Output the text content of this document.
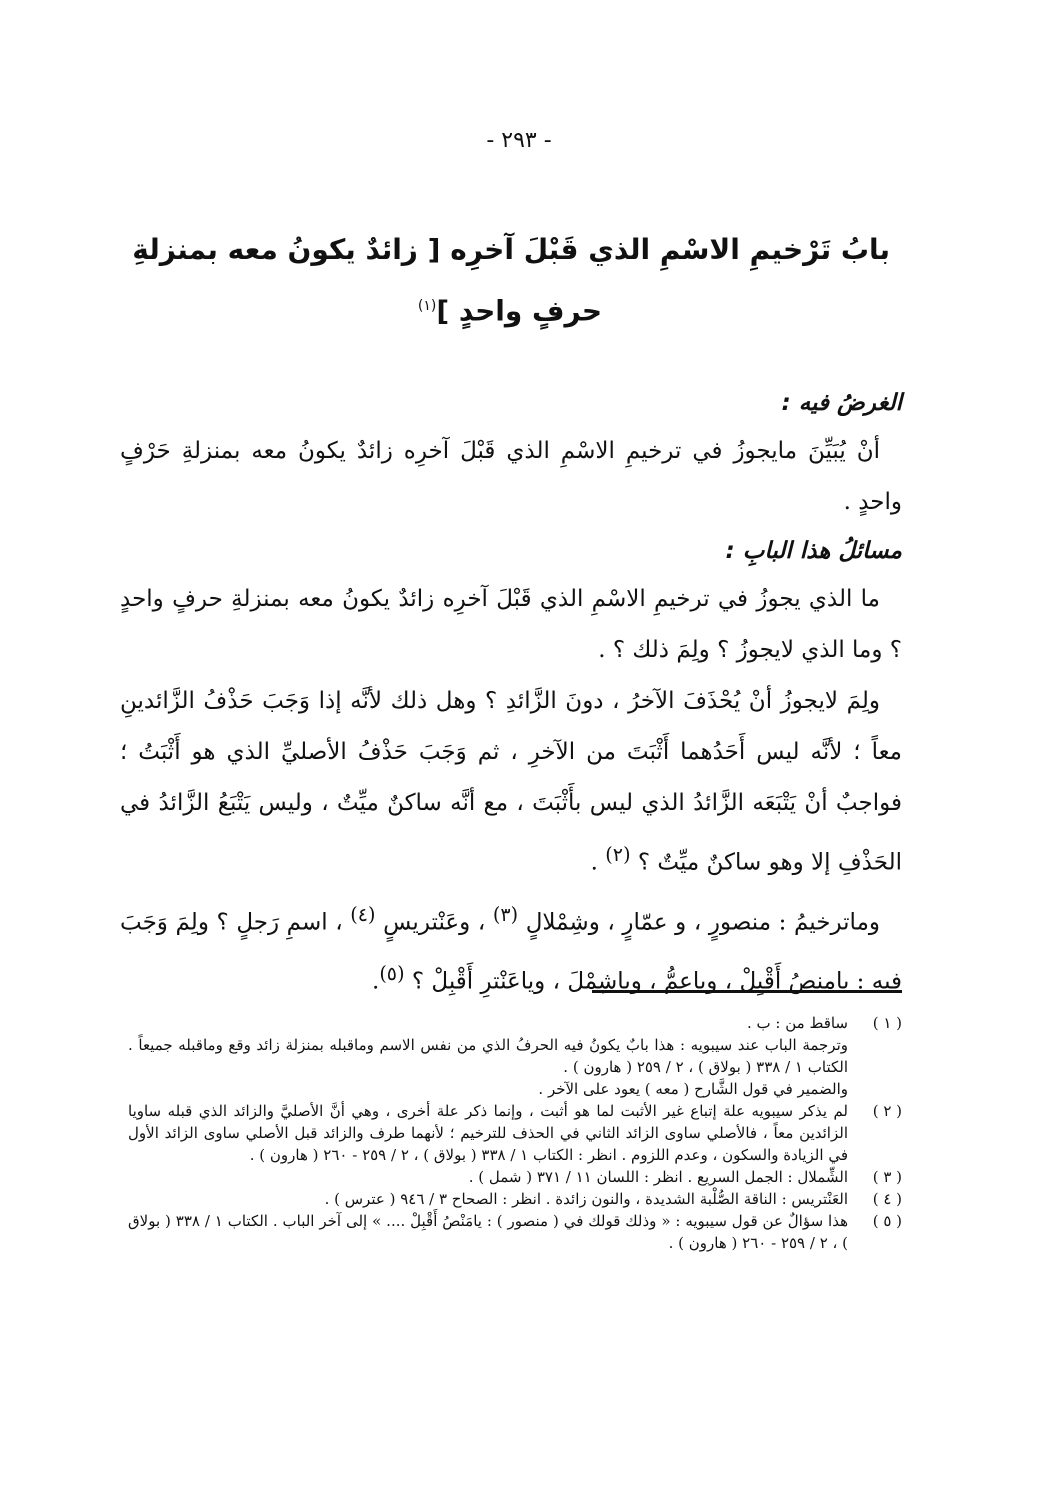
- ٢٩٣ -
بابُ تَرْخيمِ الاسْمِ الذي قَبْلَ آخرِه [ زائدٌ يكونُ معه بمنزلةِ
حرفٍ واحدٍ ]$^{(١)}$

الغرضُ فيه :

أنْ يُبَيِّنَ مايجوزُ في ترخيمِ الاسْمِ الذي قَبْلَ آخرِه زائدٌ يكونُ معه بمنزلةِ حَرْفٍ واحدٍ .

مسائلُ هذا البابِ :

ما الذي يجوزُ في ترخيمِ الاسْمِ الذي قَبْلَ آخرِه زائدٌ يكونُ معه بمنزلةِ حرفٍ واحدٍ ؟ وما الذي لايجوزُ ؟ ولِمَ ذلك ؟ .

ولِمَ لايجوزُ أنْ يُحْذَفَ الآخرُ ، دونَ الزَّائدِ ؟ وهل ذلك لأنَّه إذا وَجَبَ حَذْفُ الزَّائدينِ معاً ؛ لأنَّه ليس أَحَدُهما أَثْبَتَ من الآخرِ ، ثم وَجَبَ حَذْفُ الأصليِّ الذي هو أَثْبَتُ ؛ فواجبٌ أنْ يَتْبَعَه الزَّائدُ الذي ليس بأَثْبَتَ ، مع أنَّه ساكنٌ ميِّتٌ ، وليس يَتْبَعُ الزَّائدُ في الحَذْفِ إلا وهو ساكنٌ ميِّتٌ ؟ $^{(٢)}$ .

وماترخيمُ : منصورٍ ، و عمّارٍ ، وشِمْلالٍ $^{(٣)}$ ، وعَنْتريسٍ $^{(٤)}$ ، اسمِ رَجلٍ ؟ ولِمَ وَجَبَ فيه : يامنصُ أَقْبِلْ ، وياعمُّ ، وياشِمْلَ ، وياعَنْترِ أَقْبِلْ ؟ $^{(٥)}$.

( ١ )

ساقط من : ب .

وترجمة الباب عند سيبويه : هذا بابٌ يكونُ فيه الحرفُ الذي من نفس الاسم وماقبله بمنزلة زائد وقع وماقبله جميعاً . الكتاب ١ / ٣٣٨ ( بولاق ) ، ٢ / ٢٥٩ ( هارون ) .

والضمير في قول الشَّارح ( معه ) يعود على الآخر .

( ٢ )

لم يذكر سيبويه علة إتباع غير الأثبت لما هو أثبت ، وإنما ذكر علة أخرى ، وهي أنَّ الأصليَّ والزائد الذي قبله ساويا الزائدين معاً ، فالأصلي ساوى الزائد الثاني في الحذف للترخيم ؛ لأنهما طرف والزائد قبل الأصلي ساوى الزائد الأول في الزيادة والسكون ، وعدم اللزوم . انظر : الكتاب ١ / ٣٣٨ ( بولاق ) ، ٢ / ٢٥٩ - ٢٦٠ ( هارون ) .

( ٣ )

الشِّملال : الجمل السريع . انظر : اللسان ١١ / ٣٧١ ( شمل ) .

( ٤ )

العَنْتريس : الناقة الصُّلْبة الشديدة ، والنون زائدة . انظر : الصحاح ٣ / ٩٤٦ ( عترس ) .

( ٥ )

هذا سؤالٌ عن قول سيبويه : « وذلك قولك في ( منصور ) : يامَنْصُ أَقْبِلْ .... » إلى آخر الباب . الكتاب ١ / ٣٣٨ ( بولاق ) ، ٢ / ٢٥٩ - ٢٦٠ ( هارون ) .
